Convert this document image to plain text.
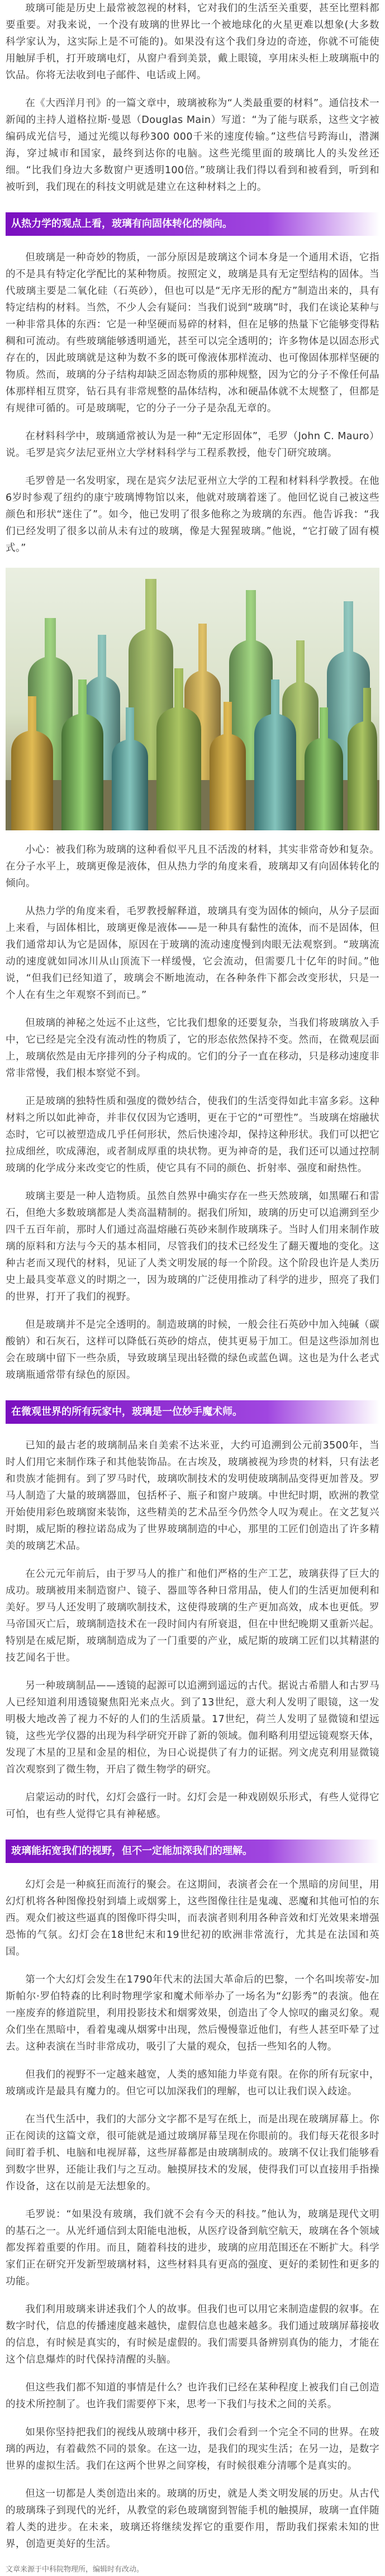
玻璃可能是历史上最常被忽视的材料，它对我们的生活至关重要，甚至比塑料都要重要。对我来说，一个没有玻璃的世界比一个被地球化的火星更难以想象(大多数科学家认为，这实际上是不可能的)。如果没有这个我们身边的奇迹，你就不可能使用触屏手机，打开玻璃电灯，从窗户看到美景，戴上眼镜，享用床头柜上玻璃瓶中的饮品。你将无法收到电子邮件、电话或上网。

在《大西洋月刊》的一篇文章中，玻璃被称为“人类最重要的材料”。通信技术一新闻的主持人道格拉斯·曼恩（Douglas Main）写道：“为了能与联系，这些文字被编码成光信号，通过光缆以每秒300 000千米的速度传输。”这些信号跨海山，潜渊海，穿过城市和国家，最终到达你的电脑。这些光缆里面的玻璃比人的头发丝还细。“比我们身边大多数窗户更透明100倍。”玻璃让我们得以看到和被看到，听到和被听到，我们现在的科技文明就是建立在这种材料之上的。

从热力学的观点上看，玻璃有向固体转化的倾向。

但玻璃是一种奇妙的物质，一部分原因是玻璃这个词本身是一个通用术语，它指的不是具有特定化学配比的某种物质。按照定义，玻璃是具有无定型结构的固体。当代玻璃主要是二氧化硅（石英砂），但也可以是“无序无形的配方”制造出来的，具有特定结构的材料。当然，不少人会有疑问：当我们说到“玻璃”时，我们在谈论某种与一种非常具体的东西：它是一种坚硬而易碎的材料，但在足够的热量下它能够变得粘稠和可流动。有些玻璃能够透明通光，甚至可以完全透明的；许多物体是以固态形式存在的，因此玻璃就是这种为数不多的既可像液体那样流动、也可像固体那样坚硬的物质。然而，玻璃的分子结构却缺乏固态物质的那种规整，因为它的分子不像任何晶体那样相互贯穿，钻石具有非常规整的晶体结构，冰和硬晶体就不太规整了，但都是有规律可循的。可是玻璃呢，它的分子一分子是杂乱无章的。

在材料科学中，玻璃通常被认为是一种“无定形固体”，毛罗（John C. Mauro）说。毛罗是宾夕法尼亚州立大学材料科学与工程系教授，他专门研究玻璃。

毛罗曾是一名发明家，现在是宾夕法尼亚州立大学的工程和材料科学教授。在他6岁时参观了纽约的康宁玻璃博物馆以来，他就对玻璃着迷了。他回忆说自己被这些颜色和形状“迷住了”。如今，他已发明了很多他称之为玻璃的东西。他告诉我：“我们已经发明了很多以前从未有过的玻璃，像是大猩猩玻璃。”他说，“它打破了固有模式。”

小心：被我们称为玻璃的这种看似平凡且不活泼的材料，其实非常奇妙和复杂。在分子水平上，玻璃更像是液体，但从热力学的角度来看，玻璃却又有向固体转化的倾向。

从热力学的角度来看，毛罗教授解释道，玻璃具有变为固体的倾向，从分子层面上来看，与固体相比，玻璃更像是液体——是一种具有黏性的流体，而不是固体，但我们通常却认为它是固体，原因在于玻璃的流动速度慢到肉眼无法观察到。“玻璃流动的速度就如同冰川从山顶流下一样缓慢，它会流动，但需要几十亿年的时间。”他说，“但我们已经知道了，玻璃会不断地流动，在各种条件下都会改变形状，只是一个人在有生之年观察不到而已。”

但玻璃的神秘之处远不止这些，它比我们想象的还要复杂，当我们将玻璃放入手中，它已经是完全没有流动性的物质了，它的形态依然保持不变。然而，在微观层面上，玻璃依然是由无序排列的分子构成的。它们的分子一直在移动，只是移动速度非常非常慢，我们根本察觉不到。

正是玻璃的独特性质和强度的微妙结合，使我们的生活变得如此丰富多彩。这种材料之所以如此神奇，并非仅仅因为它透明，更在于它的“可塑性”。当玻璃在熔融状态时，它可以被塑造成几乎任何形状，然后快速冷却，保持这种形状。我们可以把它拉成细丝，吹成薄泡，或者制成厚重的块状物。更为神奇的是，我们还可以通过控制玻璃的化学成分来改变它的性质，使它具有不同的颜色、折射率、强度和耐热性。

玻璃主要是一种人造物质。虽然自然界中确实存在一些天然玻璃，如黑曜石和雷石，但绝大多数玻璃都是人类高温精制的。据我们所知，玻璃的历史可以追溯到至少四千五百年前，那时人们通过高温熔融石英砂来制作玻璃珠子。当时人们用来制作玻璃的原料和方法与今天的基本相同，尽管我们的技术已经发生了翻天覆地的变化。这种古老而又现代的材料，见证了人类文明发展的每一个阶段。这个阶段也许是人类历史上最具变革意义的时期之一，因为玻璃的广泛使用推动了科学的进步，照亮了我们的世界，打开了我们的视野。

但是玻璃并不是完全透明的。制造玻璃的时候，一般会往石英砂中加入纯碱（碳酸钠）和石灰石，这样可以降低石英砂的熔点，使其更易于加工。但是这些添加剂也会在玻璃中留下一些杂质，导致玻璃呈现出轻微的绿色或蓝色调。这也是为什么老式玻璃瓶通常带有绿色的原因。

在微观世界的所有玩家中，玻璃是一位妙手魔术师。

已知的最古老的玻璃制品来自美索不达米亚，大约可追溯到公元前3500年，当时人们用它来制作珠子和其他装饰品。在古埃及，玻璃被视为珍贵的材料，只有法老和贵族才能拥有。到了罗马时代，玻璃吹制技术的发明使玻璃制品变得更加普及。罗马人制造了大量的玻璃器皿，包括杯子、瓶子和窗户玻璃。中世纪时期，欧洲的教堂开始使用彩色玻璃窗来装饰，这些精美的艺术品至今仍然令人叹为观止。在文艺复兴时期，威尼斯的穆拉诺岛成为了世界玻璃制造的中心，那里的工匠们创造出了许多精美的玻璃艺术品。

在公元元年前后，由于罗马人的推广和他们严格的生产工艺，玻璃获得了巨大的成功。玻璃被用来制造窗户、镜子、器皿等各种日常用品，使人们的生活更加便利和美好。罗马人还发明了玻璃吹制技术，这使得玻璃的生产更加高效，成本也更低。罗马帝国灭亡后，玻璃制造技术在一段时间内有所衰退，但在中世纪晚期又重新兴起。特别是在威尼斯，玻璃制造成为了一门重要的产业，威尼斯的玻璃工匠们以其精湛的技艺闻名于世。

另一种玻璃制品——透镜的起源可以追溯到遥远的古代。据说古希腊人和古罗马人已经知道利用透镜聚焦阳光来点火。到了13世纪，意大利人发明了眼镜，这一发明极大地改善了视力不好的人们的生活质量。17世纪，荷兰人发明了显微镜和望远镜，这些光学仪器的出现为科学研究开辟了新的领域。伽利略利用望远镜观察天体，发现了木星的卫星和金星的相位，为日心说提供了有力的证据。列文虎克利用显微镜首次观察到了微生物，开启了微生物学的研究。

启蒙运动的时代，幻灯会盛行一时。幻灯会是一种戏剧娱乐形式，有些人觉得它可怕，也有些人觉得它具有神秘感。

玻璃能拓宽我们的视野，但不一定能加深我们的理解。

幻灯会是一种疯狂而流行的聚会。在这期间，表演者会在一个黑暗的房间里，用幻灯机将各种图像投射到墙上或烟雾上，这些图像往往是鬼魂、恶魔和其他可怕的东西。观众们被这些逼真的图像吓得尖叫，而表演者则利用各种音效和灯光效果来增强恐怖的气氛。幻灯会在18世纪末和19世纪初的欧洲非常流行，尤其是在法国和英国。

第一个大幻灯会发生在1790年代末的法国大革命后的巴黎，一个名叫埃蒂安-加斯帕尔·罗伯特森的比利时物理学家和魔术师举办了一场名为“幻影秀”的表演。他在一座废弃的修道院里，利用投影技术和烟雾效果，创造出了令人惊叹的幽灵幻象。观众们坐在黑暗中，看着鬼魂从烟雾中出现，然后慢慢靠近他们，有些人甚至吓晕了过去。这种表演在当时非常成功，吸引了大量的观众，包括一些知名的人物。

但我们的视野不一定越来越宽，人类的感知能力毕竟有限。在你的所有玩家中，玻璃或许是最具有魔力的。但它可以加深我们的理解，也可以让我们误入歧途。

在当代生活中，我们的大部分文字都不是写在纸上，而是出现在玻璃屏幕上。你正在阅读的这篇文章，很可能就是通过玻璃屏幕呈现在你眼前的。我们每天花很多时间盯着手机、电脑和电视屏幕，这些屏幕都是由玻璃制成的。玻璃不仅让我们能够看到数字世界，还能让我们与之互动。触摸屏技术的发展，使得我们可以直接用手指操作设备，这在以前是无法想象的。

毛罗说：“如果没有玻璃，我们就不会有今天的科技。”他认为，玻璃是现代文明的基石之一。从光纤通信到太阳能电池板，从医疗设备到航空航天，玻璃在各个领域都发挥着重要的作用。而且，随着科技的进步，玻璃的应用范围还在不断扩大。科学家们正在研究开发新型玻璃材料，这些材料具有更高的强度、更好的柔韧性和更多的功能。

我们利用玻璃来讲述我们个人的故事。但我们也可以用它来制造虚假的叙事。在数字时代，信息的传播速度越来越快，虚假信息也越来越多。我们通过玻璃屏幕接收的信息，有时候是真实的，有时候是虚假的。我们需要具备辨别真伪的能力，才能在这个信息爆炸的时代保持清醒的头脑。

但这些我们都不知道的事情是什么？也许我们已经在某种程度上被我们自己创造的技术所控制了。也许我们需要停下来，思考一下我们与技术之间的关系。

如果你坚持把我们的视线从玻璃中移开，我们会看到一个完全不同的世界。在玻璃的两边，有着截然不同的景象。在这一边，是我们的现实生活；在另一边，是数字世界的虚拟生活。我们在这两个世界之间穿梭，有时候很难分清哪个是真实的。

但这一切都是人类创造出来的。玻璃的历史，就是人类文明发展的历史。从古代的玻璃珠子到现代的光纤，从教堂的彩色玻璃窗到智能手机的触摸屏，玻璃一直伴随着人类的进步。在未来，玻璃还将继续发挥它的重要作用，帮助我们探索未知的世界，创造更美好的生活。

文章来源于中科院物理所，编辑时有改动。
